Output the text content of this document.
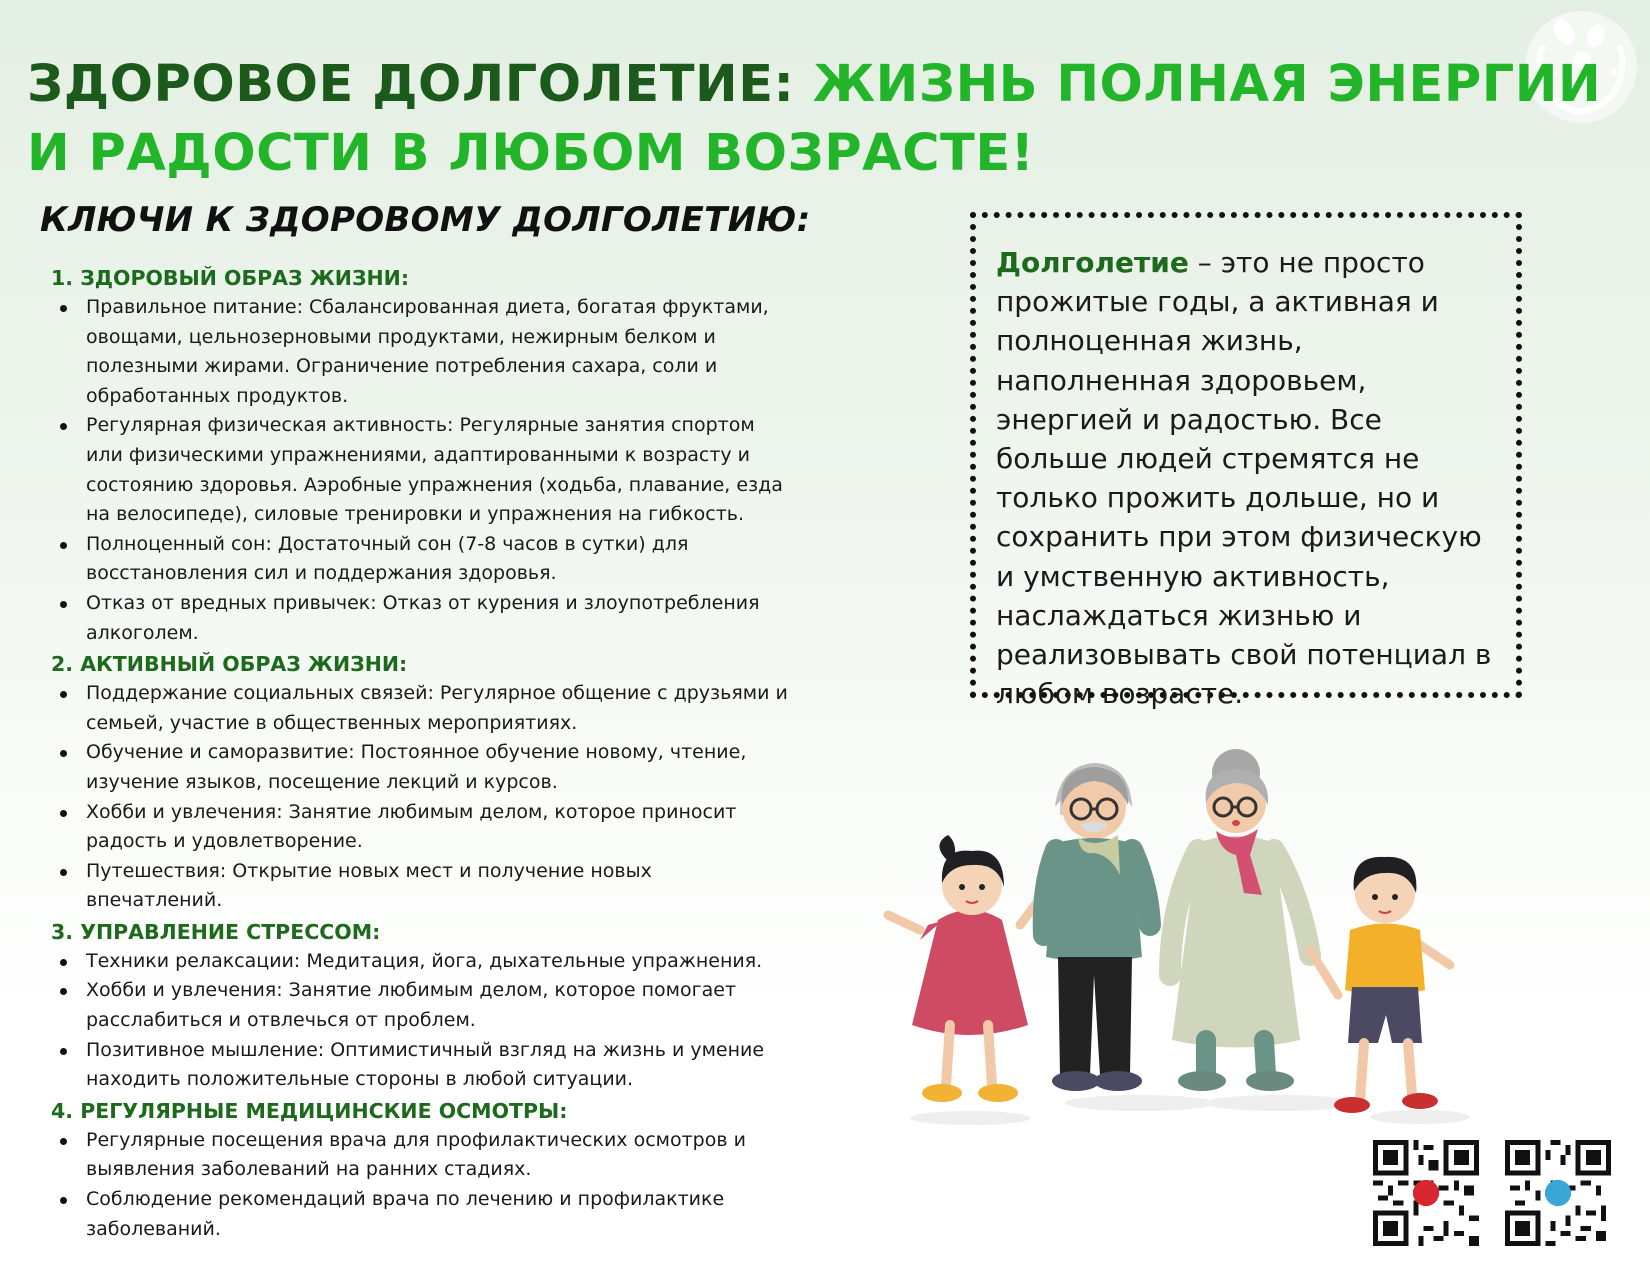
ЗДОРОВОЕ ДОЛГОЛЕТИЕ: ЖИЗНЬ ПОЛНАЯ ЭНЕРГИИ
И РАДОСТИ В ЛЮБОМ ВОЗРАСТЕ!
КЛЮЧИ К ЗДОРОВОМУ ДОЛГОЛЕТИЮ:
1. ЗДОРОВЫЙ ОБРАЗ ЖИЗНИ:
Правильное питание: Сбалансированная диета, богатая фруктами, овощами, цельнозерновыми продуктами, нежирным белком и полезными жирами. Ограничение потребления сахара, соли и обработанных продуктов.
Регулярная физическая активность: Регулярные занятия спортом или физическими упражнениями, адаптированными к возрасту и состоянию здоровья. Аэробные упражнения (ходьба, плавание, езда на велосипеде), силовые тренировки и упражнения на гибкость.
Полноценный сон: Достаточный сон (7-8 часов в сутки) для восстановления сил и поддержания здоровья.
Отказ от вредных привычек: Отказ от курения и злоупотребления алкоголем.
2. АКТИВНЫЙ ОБРАЗ ЖИЗНИ:
Поддержание социальных связей: Регулярное общение с друзьями и семьей, участие в общественных мероприятиях.
Обучение и саморазвитие: Постоянное обучение новому, чтение, изучение языков, посещение лекций и курсов.
Хобби и увлечения: Занятие любимым делом, которое приносит радость и удовлетворение.
Путешествия: Открытие новых мест и получение новых впечатлений.
3. УПРАВЛЕНИЕ СТРЕССОМ:
Техники релаксации: Медитация, йога, дыхательные упражнения.
Хобби и увлечения: Занятие любимым делом, которое помогает расслабиться и отвлечься от проблем.
Позитивное мышление: Оптимистичный взгляд на жизнь и умение находить положительные стороны в любой ситуации.
4. РЕГУЛЯРНЫЕ МЕДИЦИНСКИЕ ОСМОТРЫ:
Регулярные посещения врача для профилактических осмотров и выявления заболеваний на ранних стадиях.
Соблюдение рекомендаций врача по лечению и профилактике заболеваний.

Долголетие – это не просто прожитые годы, а активная и полноценная жизнь, наполненная здоровьем, энергией и радостью. Все больше людей стремятся не только прожить дольше, но и сохранить при этом физическую и умственную активность, наслаждаться жизнью и реализовывать свой потенциал в любом возрасте.
